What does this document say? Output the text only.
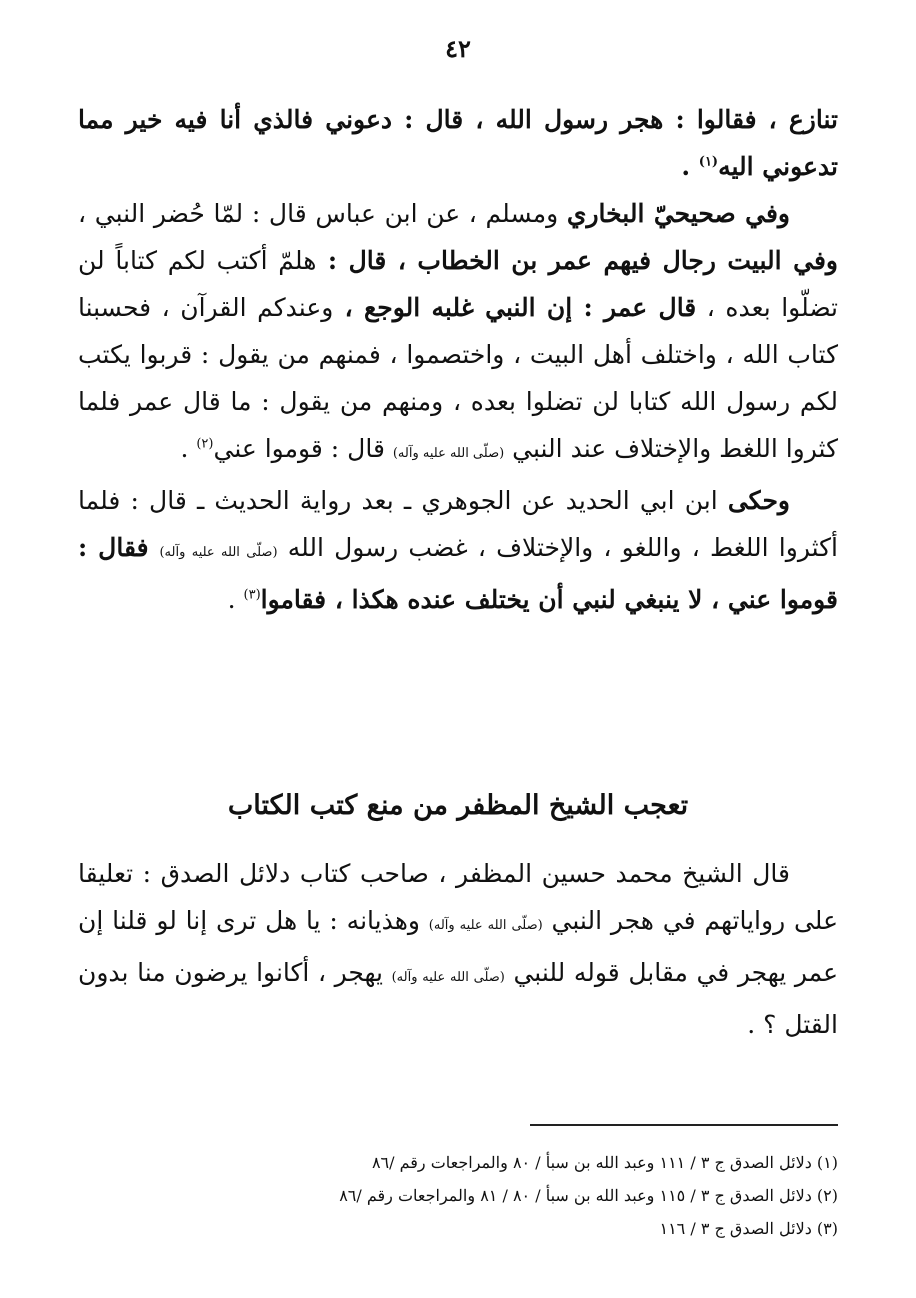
٤٢

تنازع ، فقالوا : هجر رسول الله ، قال : دعوني فالذي أنا فيه خير مما تدعوني اليه$^{(١)}$ .

وفي صحيحيّ البخاري ومسلم ، عن ابن عباس قال : لمّا حُضر النبي ، وفي البيت رجال فيهم عمر بن الخطاب ، قال : هلمّ أكتب لكم كتاباً لن تضلّوا بعده ، قال عمر : إن النبي غلبه الوجع ، وعندكم القرآن ، فحسبنا كتاب الله ، واختلف أهل البيت ، واختصموا ، فمنهم من يقول : قربوا يكتب لكم رسول الله كتابا لن تضلوا بعده ، ومنهم من يقول : ما قال عمر فلما كثروا اللغط والإختلاف عند النبي (صلّى الله عليه وآله) قال : قوموا عني$^{(٢)}$ .

وحكى ابن ابي الحديد عن الجوهري ـ بعد رواية الحديث ـ قال : فلما أكثروا اللغط ، واللغو ، والإختلاف ، غضب رسول الله (صلّى الله عليه وآله) فقال : قوموا عني ، لا ينبغي لنبي أن يختلف عنده هكذا ، فقاموا$^{(٣)}$ .

تعجب الشيخ المظفر من منع كتب الكتاب

قال الشيخ محمد حسين المظفر ، صاحب كتاب دلائل الصدق : تعليقا على رواياتهم في هجر النبي (صلّى الله عليه وآله) وهذيانه : يا هل ترى إنا لو قلنا إن عمر يهجر في مقابل قوله للنبي (صلّى الله عليه وآله) يهجر ، أكانوا يرضون منا بدون القتل ؟ .

(١) دلائل الصدق ج ٣ / ١١١ وعبد الله بن سبأ / ٨٠ والمراجعات رقم /٨٦

(٢) دلائل الصدق ج ٣ / ١١٥ وعبد الله بن سبأ / ٨٠ / ٨١ والمراجعات رقم /٨٦

(٣) دلائل الصدق ج ٣ / ١١٦
